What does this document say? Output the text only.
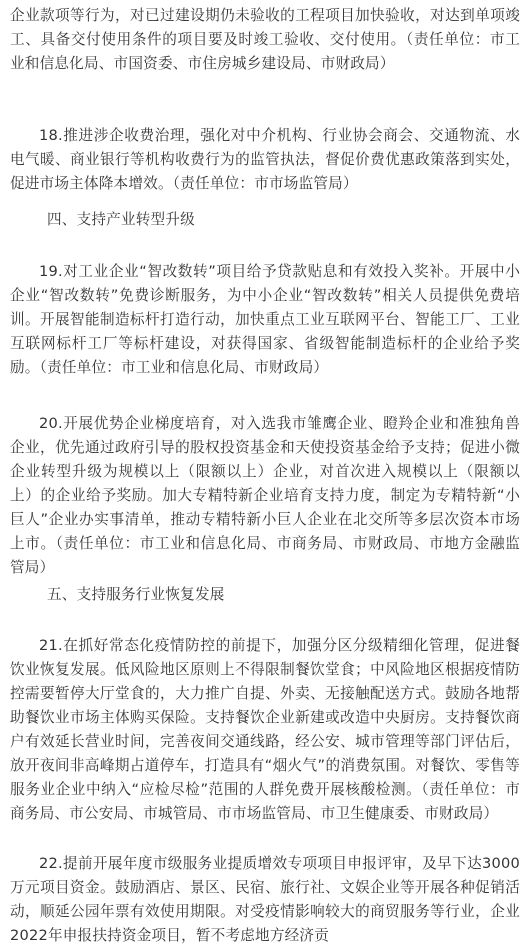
企业款项等行为，对已过建设期仍未验收的工程项目加快验收，对达到单项竣工、具备交付使用条件的项目要及时竣工验收、交付使用。（责任单位：市工业和信息化局、市国资委、市住房城乡建设局、市财政局）

18.推进涉企收费治理，强化对中介机构、行业协会商会、交通物流、水电气暖、商业银行等机构收费行为的监管执法，督促价费优惠政策落到实处，促进市场主体降本增效。（责任单位：市市场监管局）

四、支持产业转型升级

19.对工业企业“智改数转”项目给予贷款贴息和有效投入奖补。开展中小企业“智改数转”免费诊断服务，为中小企业“智改数转”相关人员提供免费培训。开展智能制造标杆打造行动，加快重点工业互联网平台、智能工厂、工业互联网标杆工厂等标杆建设，对获得国家、省级智能制造标杆的企业给予奖励。（责任单位：市工业和信息化局、市财政局）

20.开展优势企业梯度培育，对入选我市雏鹰企业、瞪羚企业和准独角兽企业，优先通过政府引导的股权投资基金和天使投资基金给予支持；促进小微企业转型升级为规模以上（限额以上）企业，对首次进入规模以上（限额以上）的企业给予奖励。加大专精特新企业培育支持力度，制定为专精特新“小巨人”企业办实事清单，推动专精特新小巨人企业在北交所等多层次资本市场上市。（责任单位：市工业和信息化局、市商务局、市财政局、市地方金融监管局）

五、支持服务行业恢复发展

21.在抓好常态化疫情防控的前提下，加强分区分级精细化管理，促进餐饮业恢复发展。低风险地区原则上不得限制餐饮堂食；中风险地区根据疫情防控需要暂停大厅堂食的，大力推广自提、外卖、无接触配送方式。鼓励各地帮助餐饮业市场主体购买保险。支持餐饮企业新建或改造中央厨房。支持餐饮商户有效延长营业时间，完善夜间交通线路，经公安、城市管理等部门评估后，放开夜间非高峰期占道停车，打造具有“烟火气”的消费氛围。对餐饮、零售等服务业企业中纳入“应检尽检”范围的人群免费开展核酸检测。（责任单位：市商务局、市公安局、市城管局、市市场监管局、市卫生健康委、市财政局）

22.提前开展年度市级服务业提质增效专项项目申报评审，及早下达3000万元项目资金。鼓励酒店、景区、民宿、旅行社、文娱企业等开展各种促销活动，顺延公园年票有效使用期限。对受疫情影响较大的商贸服务等行业，企业2022年申报扶持资金项目，暂不考虑地方经济贡
